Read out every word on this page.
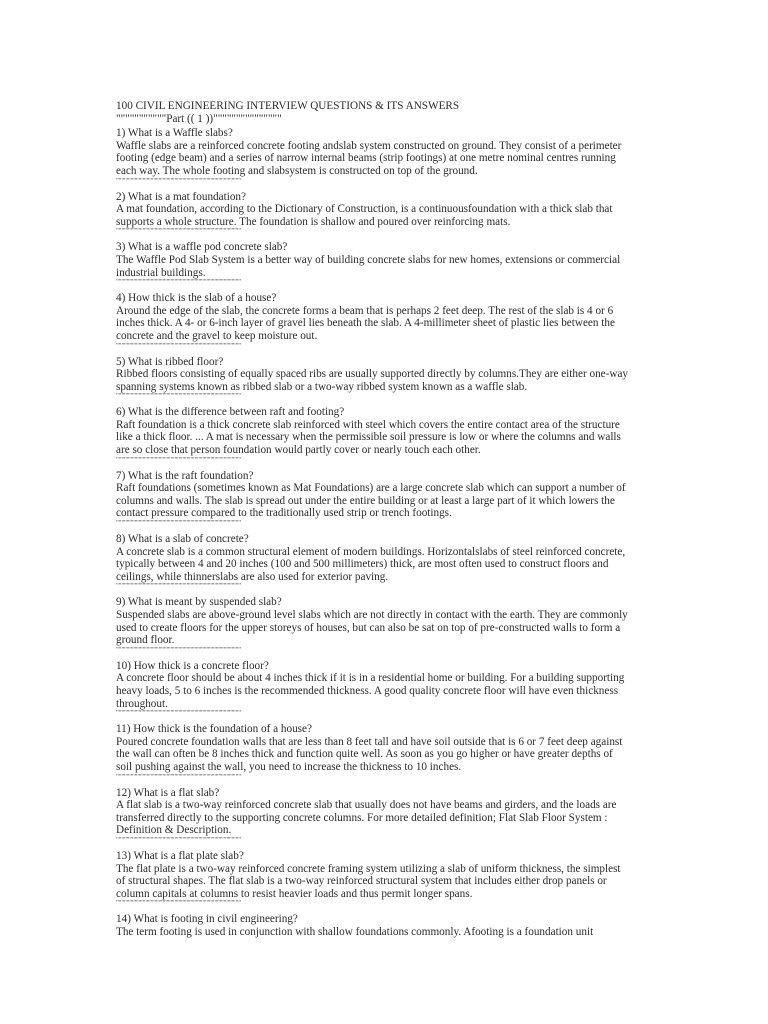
100 CIVIL ENGINEERING INTERVIEW QUESTIONS & ITS ANSWERS
"""""""""""Part (( 1 ))"""""""""""""""
1) What is a Waffle slabs?
Waffle slabs are a reinforced concrete footing andslab system constructed on ground. They consist of a perimeter
footing (edge beam) and a series of narrow internal beams (strip footings) at one metre nominal centres running
each way. The whole footing and slabsystem is constructed on top of the ground.
"""""""""""""""""""""""""""""""""""""""""""""""
2) What is a mat foundation?
A mat foundation, according to the Dictionary of Construction, is a continuousfoundation with a thick slab that
supports a whole structure. The foundation is shallow and poured over reinforcing mats.
"""""""""""""""""""""""""""""""""""""""""""""""
3) What is a waffle pod concrete slab?
The Waffle Pod Slab System is a better way of building concrete slabs for new homes, extensions or commercial
industrial buildings.
"""""""""""""""""""""""""""""""""""""""""""""""
4) How thick is the slab of a house?
Around the edge of the slab, the concrete forms a beam that is perhaps 2 feet deep. The rest of the slab is 4 or 6
inches thick. A 4- or 6-inch layer of gravel lies beneath the slab. A 4-millimeter sheet of plastic lies between the
concrete and the gravel to keep moisture out.
"""""""""""""""""""""""""""""""""""""""""""""""
5) What is ribbed floor?
Ribbed floors consisting of equally spaced ribs are usually supported directly by columns.They are either one-way
spanning systems known as ribbed slab or a two-way ribbed system known as a waffle slab.
"""""""""""""""""""""""""""""""""""""""""""""""
6) What is the difference between raft and footing?
Raft foundation is a thick concrete slab reinforced with steel which covers the entire contact area of the structure
like a thick floor. ... A mat is necessary when the permissible soil pressure is low or where the columns and walls
are so close that person foundation would partly cover or nearly touch each other.
"""""""""""""""""""""""""""""""""""""""""""""""
7) What is the raft foundation?
Raft foundations (sometimes known as Mat Foundations) are a large concrete slab which can support a number of
columns and walls. The slab is spread out under the entire building or at least a large part of it which lowers the
contact pressure compared to the traditionally used strip or trench footings.
"""""""""""""""""""""""""""""""""""""""""""""""
8) What is a slab of concrete?
A concrete slab is a common structural element of modern buildings. Horizontalslabs of steel reinforced concrete,
typically between 4 and 20 inches (100 and 500 millimeters) thick, are most often used to construct floors and
ceilings, while thinnerslabs are also used for exterior paving.
"""""""""""""""""""""""""""""""""""""""""""""""
9) What is meant by suspended slab?
Suspended slabs are above-ground level slabs which are not directly in contact with the earth. They are commonly
used to create floors for the upper storeys of houses, but can also be sat on top of pre-constructed walls to form a
ground floor.
"""""""""""""""""""""""""""""""""""""""""""""""
10) How thick is a concrete floor?
A concrete floor should be about 4 inches thick if it is in a residential home or building. For a building supporting
heavy loads, 5 to 6 inches is the recommended thickness. A good quality concrete floor will have even thickness
throughout.
"""""""""""""""""""""""""""""""""""""""""""""""
11) How thick is the foundation of a house?
Poured concrete foundation walls that are less than 8 feet tall and have soil outside that is 6 or 7 feet deep against
the wall can often be 8 inches thick and function quite well. As soon as you go higher or have greater depths of
soil pushing against the wall, you need to increase the thickness to 10 inches.
"""""""""""""""""""""""""""""""""""""""""""""""
12) What is a flat slab?
A flat slab is a two-way reinforced concrete slab that usually does not have beams and girders, and the loads are
transferred directly to the supporting concrete columns. For more detailed definition; Flat Slab Floor System :
Definition & Description.
"""""""""""""""""""""""""""""""""""""""""""""""
13) What is a flat plate slab?
The flat plate is a two-way reinforced concrete framing system utilizing a slab of uniform thickness, the simplest
of structural shapes. The flat slab is a two-way reinforced structural system that includes either drop panels or
column capitals at columns to resist heavier loads and thus permit longer spans.
"""""""""""""""""""""""""""""""""""""""""""""""
14) What is footing in civil engineering?
The term footing is used in conjunction with shallow foundations commonly. Afooting is a foundation unit
